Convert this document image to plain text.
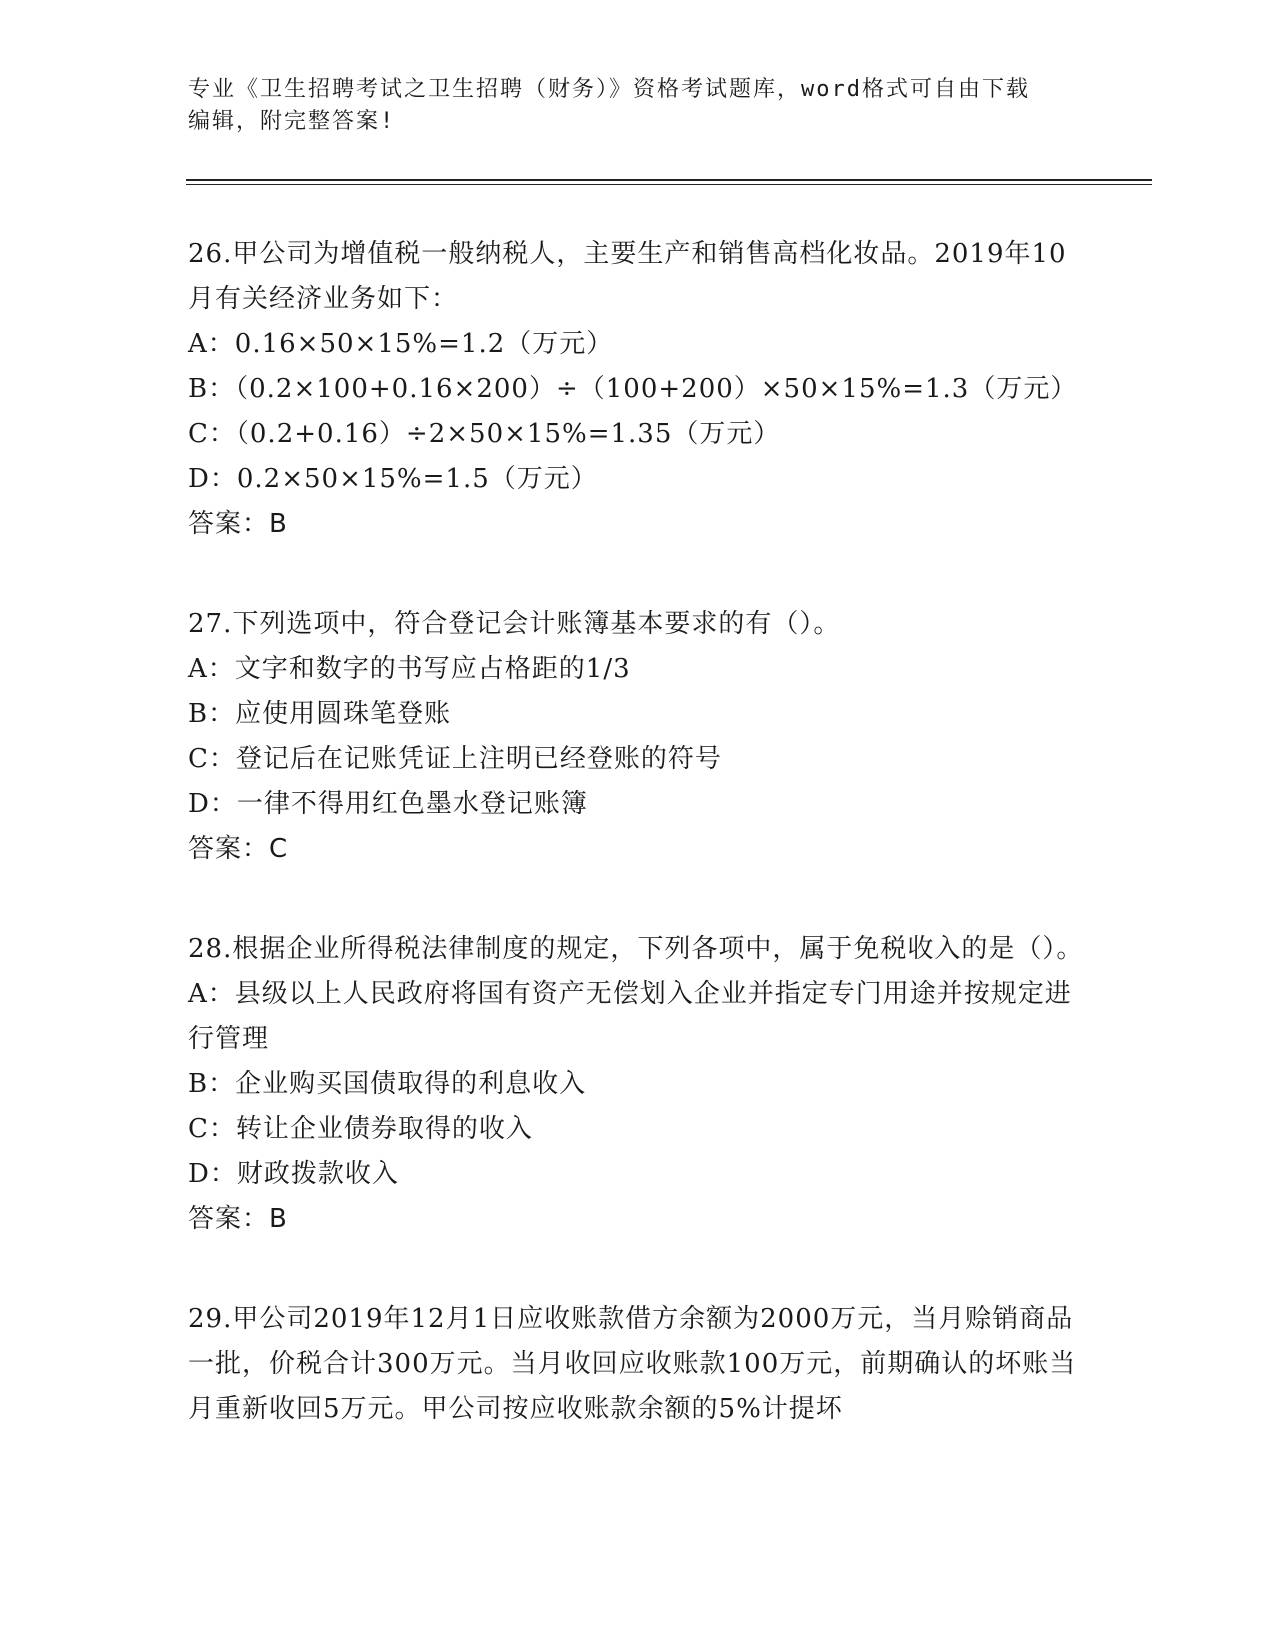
专业《卫生招聘考试之卫生招聘（财务）》资格考试题库，word格式可自由下载
编辑，附完整答案!
26.甲公司为增值税一般纳税人，主要生产和销售高档化妆品。2019年10月有关经济业务如下：
A：0.16×50×15%=1.2（万元）
B：（0.2×100+0.16×200）÷（100+200）×50×15%=1.3（万元）
C：（0.2+0.16）÷2×50×15%=1.35（万元）
D：0.2×50×15%=1.5（万元）
答案：B
27.下列选项中，符合登记会计账簿基本要求的有（）。
A：文字和数字的书写应占格距的1/3
B：应使用圆珠笔登账
C：登记后在记账凭证上注明已经登账的符号
D：一律不得用红色墨水登记账簿
答案：C
28.根据企业所得税法律制度的规定，下列各项中，属于免税收入的是（）。
A：县级以上人民政府将国有资产无偿划入企业并指定专门用途并按规定进行管理
B：企业购买国债取得的利息收入
C：转让企业债券取得的收入
D：财政拨款收入
答案：B
29.甲公司2019年12月1日应收账款借方余额为2000万元，当月赊销商品一批，价税合计300万元。当月收回应收账款100万元，前期确认的坏账当月重新收回5万元。甲公司按应收账款余额的5%计提坏
